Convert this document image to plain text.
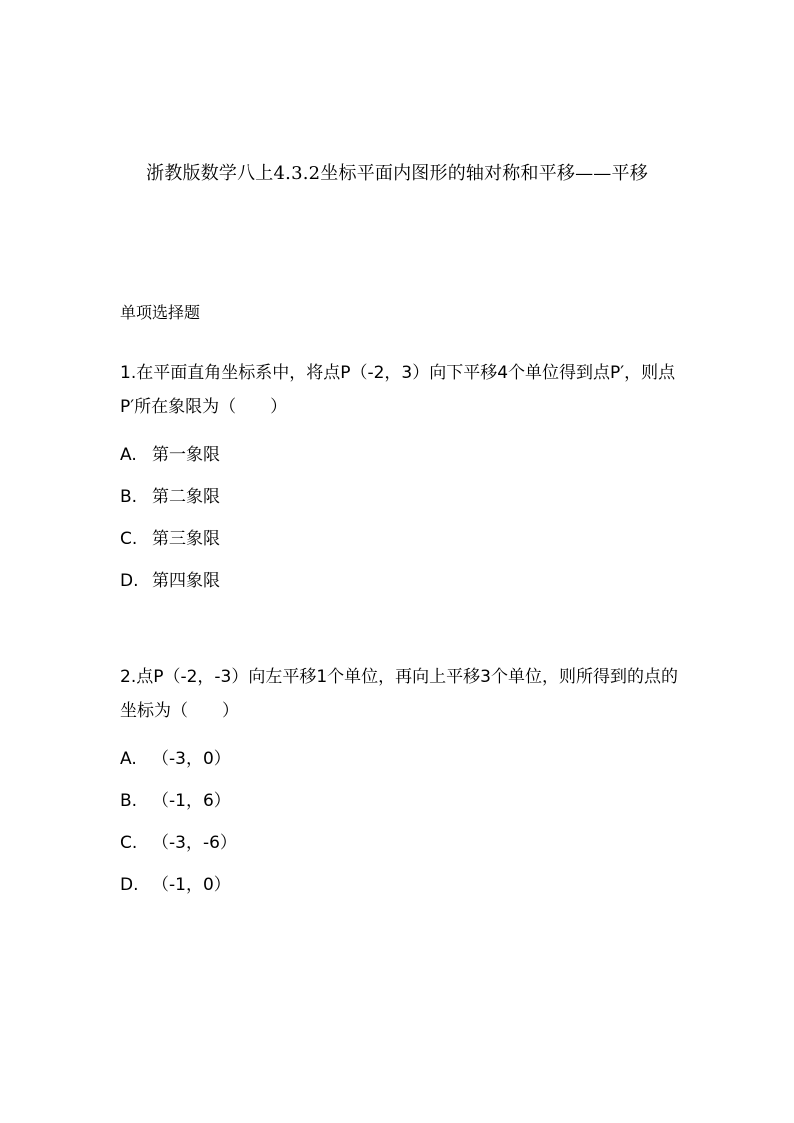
浙教版数学八上4.3.2坐标平面内图形的轴对称和平移——平移
单项选择题

1.在平面直角坐标系中，将点P（-2，3）向下平移4个单位得到点P′，则点P′所在象限为（　　）

A. 第一象限
B. 第二象限
C. 第三象限
D. 第四象限

2.点P（-2，-3）向左平移1个单位，再向上平移3个单位，则所得到的点的坐标为（　　）

A. （-3，0）
B. （-1，6）
C. （-3，-6）
D. （-1，0）
